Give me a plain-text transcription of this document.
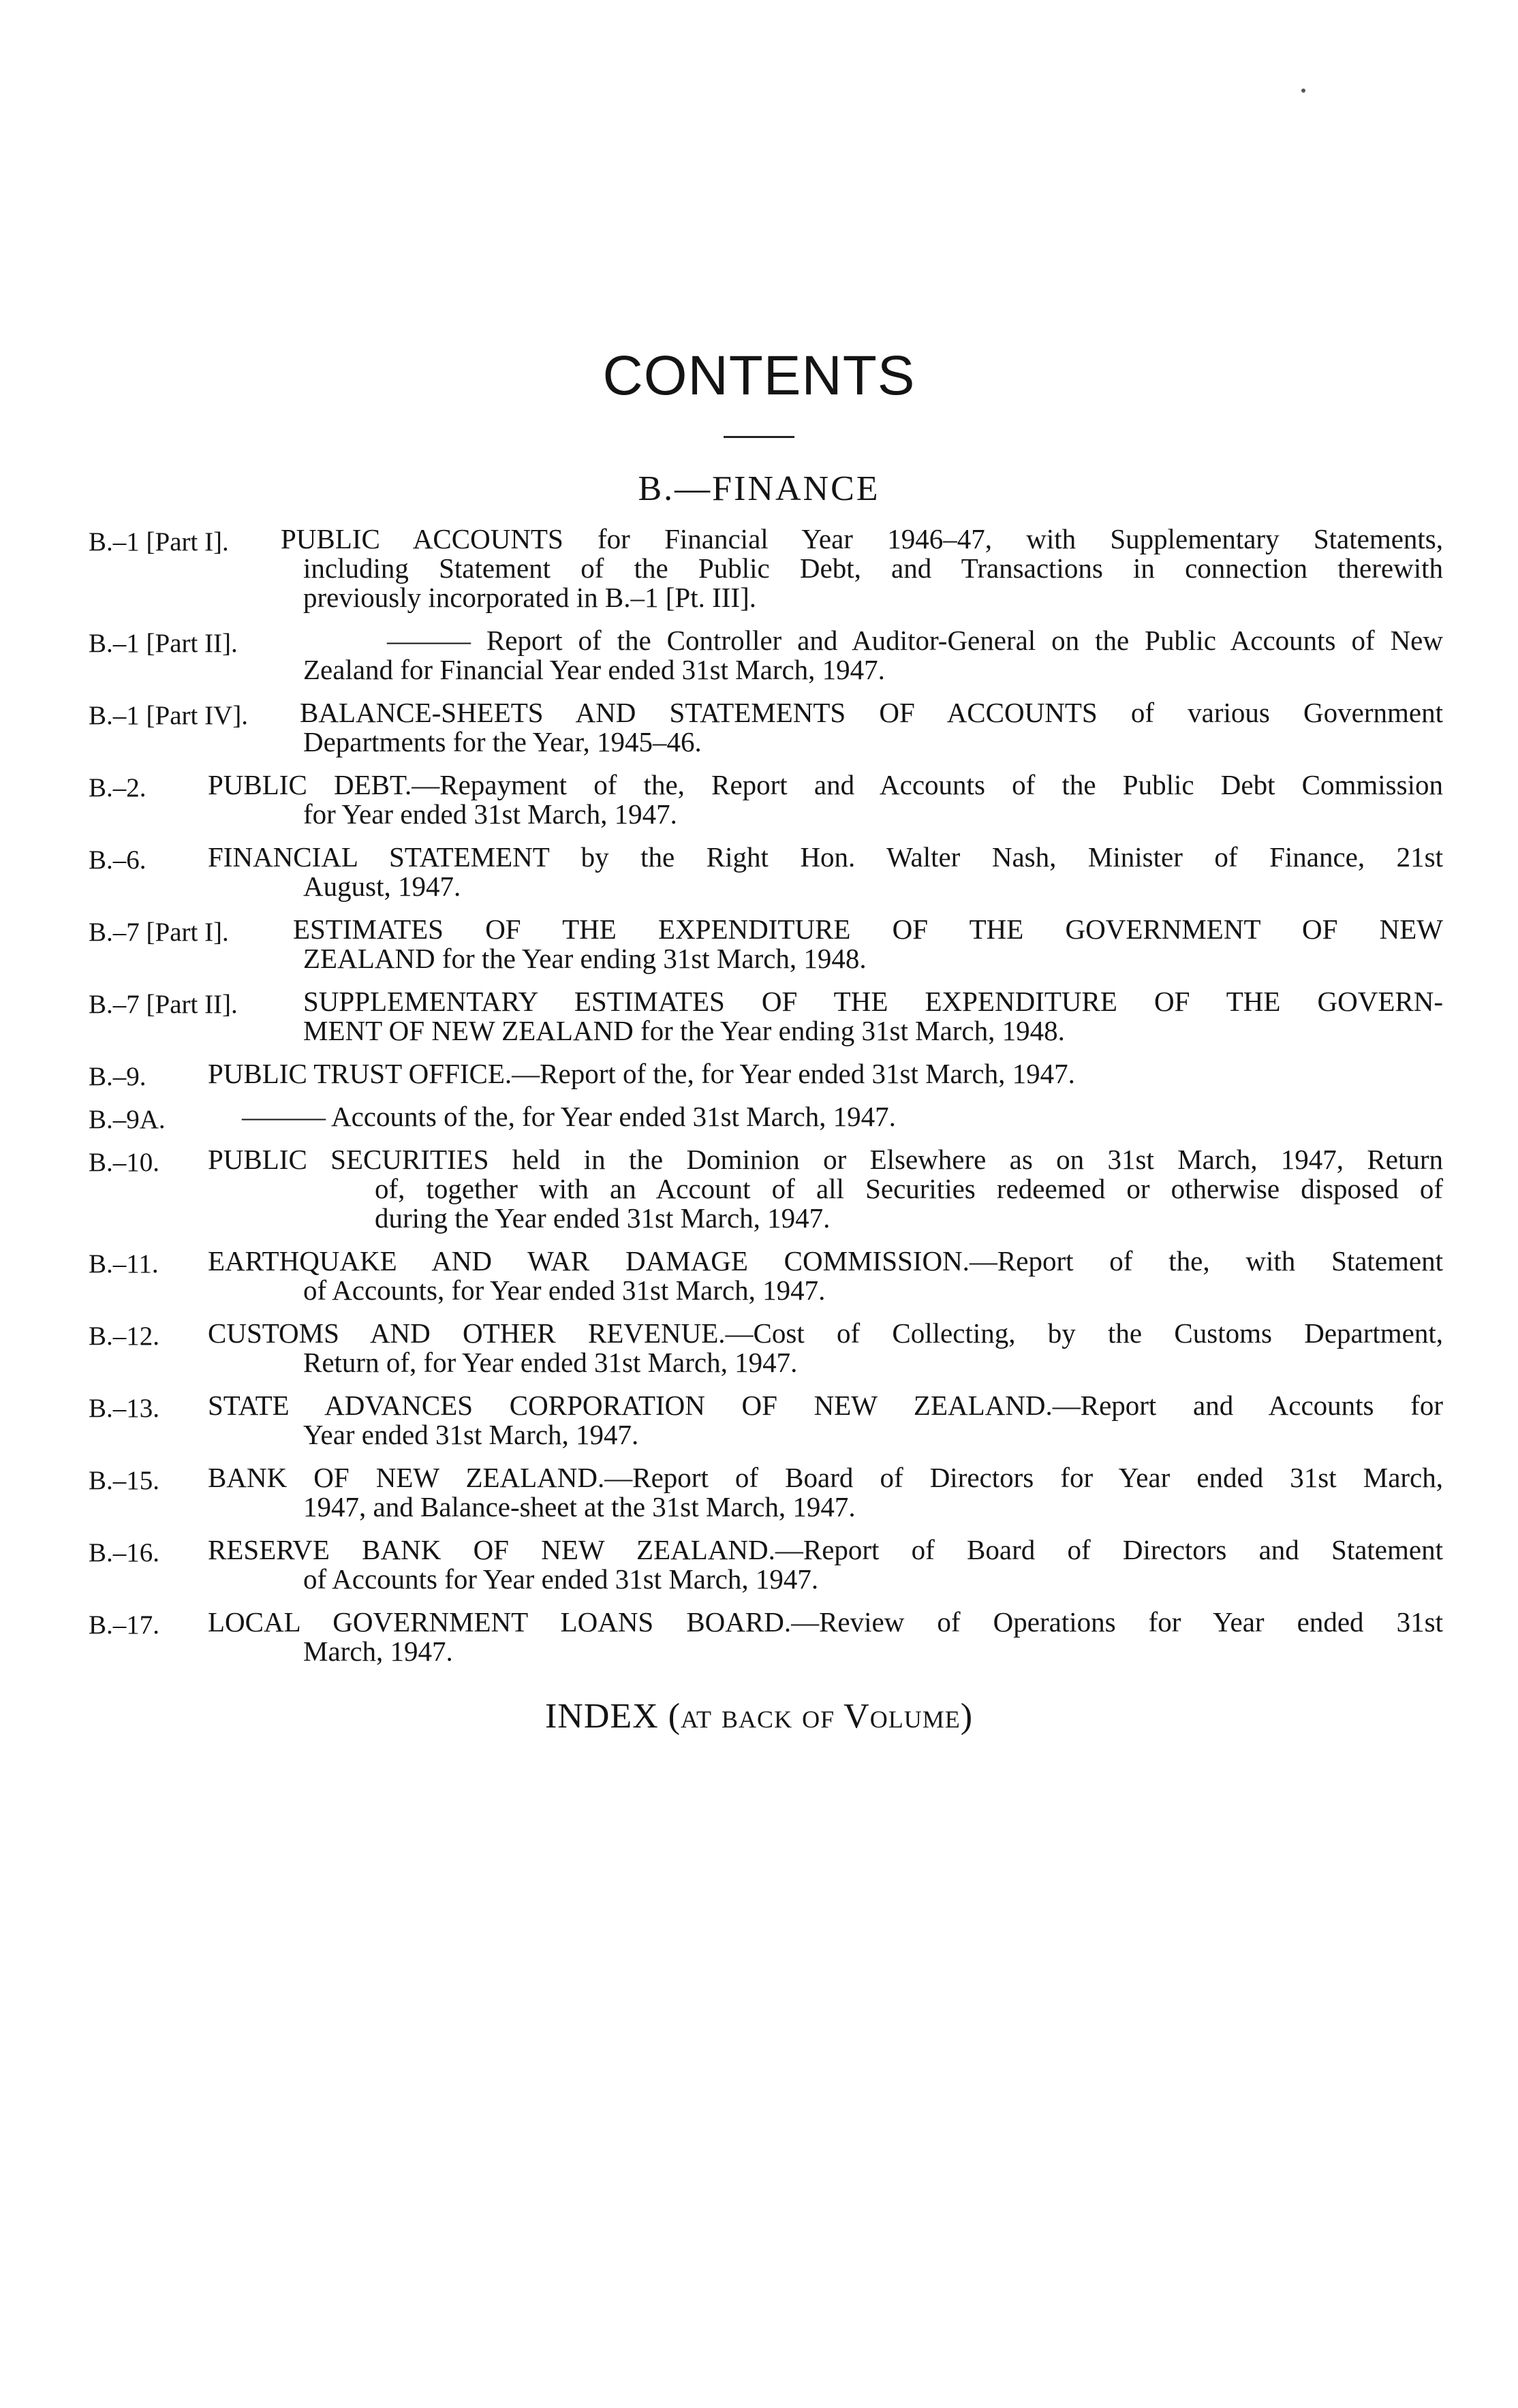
CONTENTS
B.—FINANCE
B.–1 [Part I]. PUBLIC ACCOUNTS for Financial Year 1946–47, with Supplementary Statements,
including Statement of the Public Debt, and Transactions in connection therewith
previously incorporated in B.–1 [Pt. III].
B.–1 [Part II].	——— Report of the Controller and Auditor-General on the Public Accounts of New
Zealand for Financial Year ended 31st March, 1947.
B.–1 [Part IV]. BALANCE-SHEETS AND STATEMENTS OF ACCOUNTS of various Government
Departments for the Year, 1945–46.
B.–2. PUBLIC DEBT.—Repayment of the, Report and Accounts of the Public Debt Commission
for Year ended 31st March, 1947.
B.–6. FINANCIAL STATEMENT by the Right Hon. Walter Nash, Minister of Finance, 21st
August, 1947.
B.–7 [Part I]. ESTIMATES OF THE EXPENDITURE OF THE GOVERNMENT OF NEW
ZEALAND for the Year ending 31st March, 1948.
B.–7 [Part II]. SUPPLEMENTARY ESTIMATES OF THE EXPENDITURE OF THE GOVERN-
MENT OF NEW ZEALAND for the Year ending 31st March, 1948.
B.–9. PUBLIC TRUST OFFICE.—Report of the, for Year ended 31st March, 1947.
B.–9A.	——— Accounts of the, for Year ended 31st March, 1947.
B.–10. PUBLIC SECURITIES held in the Dominion or Elsewhere as on 31st March, 1947, Return
of, together with an Account of all Securities redeemed or otherwise disposed of
during the Year ended 31st March, 1947.
B.–11. EARTHQUAKE AND WAR DAMAGE COMMISSION.—Report of the, with Statement
of Accounts, for Year ended 31st March, 1947.
B.–12. CUSTOMS AND OTHER REVENUE.—Cost of Collecting, by the Customs Department,
Return of, for Year ended 31st March, 1947.
B.–13. STATE ADVANCES CORPORATION OF NEW ZEALAND.—Report and Accounts for
Year ended 31st March, 1947.
B.–15. BANK OF NEW ZEALAND.—Report of Board of Directors for Year ended 31st March,
1947, and Balance-sheet at the 31st March, 1947.
B.–16. RESERVE BANK OF NEW ZEALAND.—Report of Board of Directors and Statement
of Accounts for Year ended 31st March, 1947.
B.–17. LOCAL GOVERNMENT LOANS BOARD.—Review of Operations for Year ended 31st
March, 1947.
INDEX (at back of Volume)
